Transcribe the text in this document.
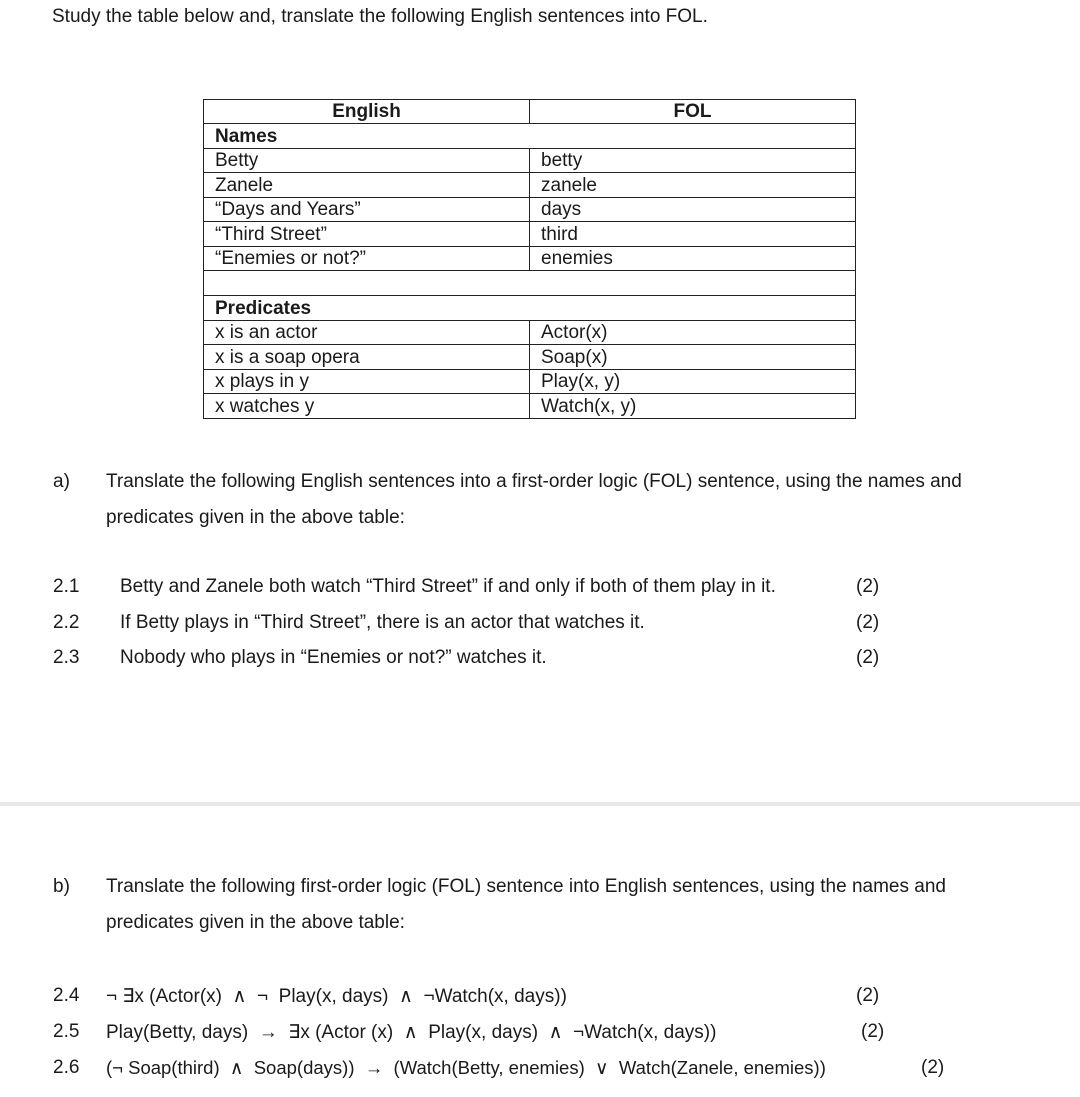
Study the table below and, translate the following English sentences into FOL.
English	FOL
Names	
Betty	betty
Zanele	zanele
“Days and Years”	days
“Third Street”	third
“Enemies or not?”	enemies

Predicates	
x is an actor	Actor(x)
x is a soap opera	Soap(x)
x plays in y	Play(x, y)
x watches y	Watch(x, y)
a) Translate the following English sentences into a first-order logic (FOL) sentence, using the names and predicates given in the above table:
2.1 Betty and Zanele both watch “Third Street” if and only if both of them play in it.	(2)
2.2 If Betty plays in “Third Street”, there is an actor that watches it.	(2)
2.3 Nobody who plays in “Enemies or not?” watches it.	(2)
b) Translate the following first-order logic (FOL) sentence into English sentences, using the names and predicates given in the above table:
2.4 ¬ ∃x (Actor(x)  ∧  ¬  Play(x, days)  ∧  ¬Watch(x, days))	(2)
2.5 Play(Betty, days)  →  ∃x (Actor (x)  ∧  Play(x, days)  ∧  ¬Watch(x, days))	(2)
2.6 (¬ Soap(third)  ∧  Soap(days))  →  (Watch(Betty, enemies)  ∨  Watch(Zanele, enemies))	(2)
